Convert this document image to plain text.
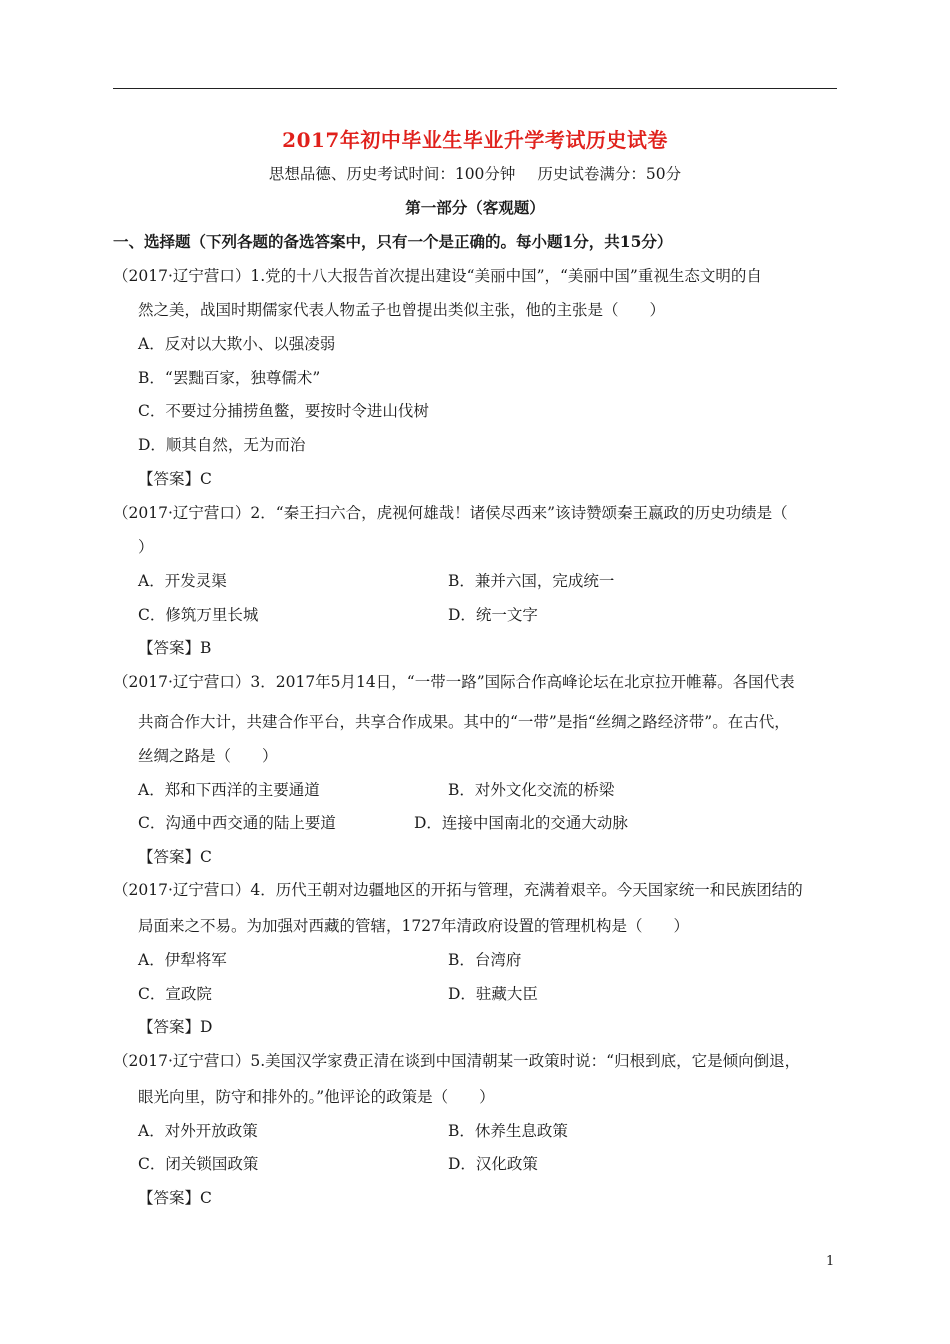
2017年初中毕业生毕业升学考试历史试卷
思想品德、历史考试时间：100分钟 历史试卷满分：50分
第一部分（客观题）
一、选择题（下列各题的备选答案中，只有一个是正确的。每小题1分，共15分）
（2017·辽宁营口）1.党的十八大报告首次提出建设“美丽中国”，“美丽中国”重视生态文明的自
然之美，战国时期儒家代表人物孟子也曾提出类似主张，他的主张是（　　）
A．反对以大欺小、以强凌弱
B．“罢黜百家，独尊儒术”
C．不要过分捕捞鱼鳖，要按时令进山伐树
D．顺其自然，无为而治
【答案】C
（2017·辽宁营口）2．“秦王扫六合，虎视何雄哉！诸侯尽西来”该诗赞颂秦王嬴政的历史功绩是（
）
A．开发灵渠	B．兼并六国，完成统一
C．修筑万里长城	D．统一文字
【答案】B
（2017·辽宁营口）3．2017年5月14日，“一带一路”国际合作高峰论坛在北京拉开帷幕。各国代表
共商合作大计，共建合作平台，共享合作成果。其中的“一带”是指“丝绸之路经济带”。在古代，
丝绸之路是（　　）
A．郑和下西洋的主要通道	B．对外文化交流的桥梁
C．沟通中西交通的陆上要道	D．连接中国南北的交通大动脉
【答案】C
（2017·辽宁营口）4．历代王朝对边疆地区的开拓与管理，充满着艰辛。今天国家统一和民族团结的
局面来之不易。为加强对西藏的管辖，1727年清政府设置的管理机构是（　　）
A．伊犁将军	B．台湾府
C．宣政院	D．驻藏大臣
【答案】D
（2017·辽宁营口）5.美国汉学家费正清在谈到中国清朝某一政策时说：“归根到底，它是倾向倒退，
眼光向里，防守和排外的。”他评论的政策是（　　）
A．对外开放政策	B．休养生息政策
C．闭关锁国政策	D．汉化政策
【答案】C
1
